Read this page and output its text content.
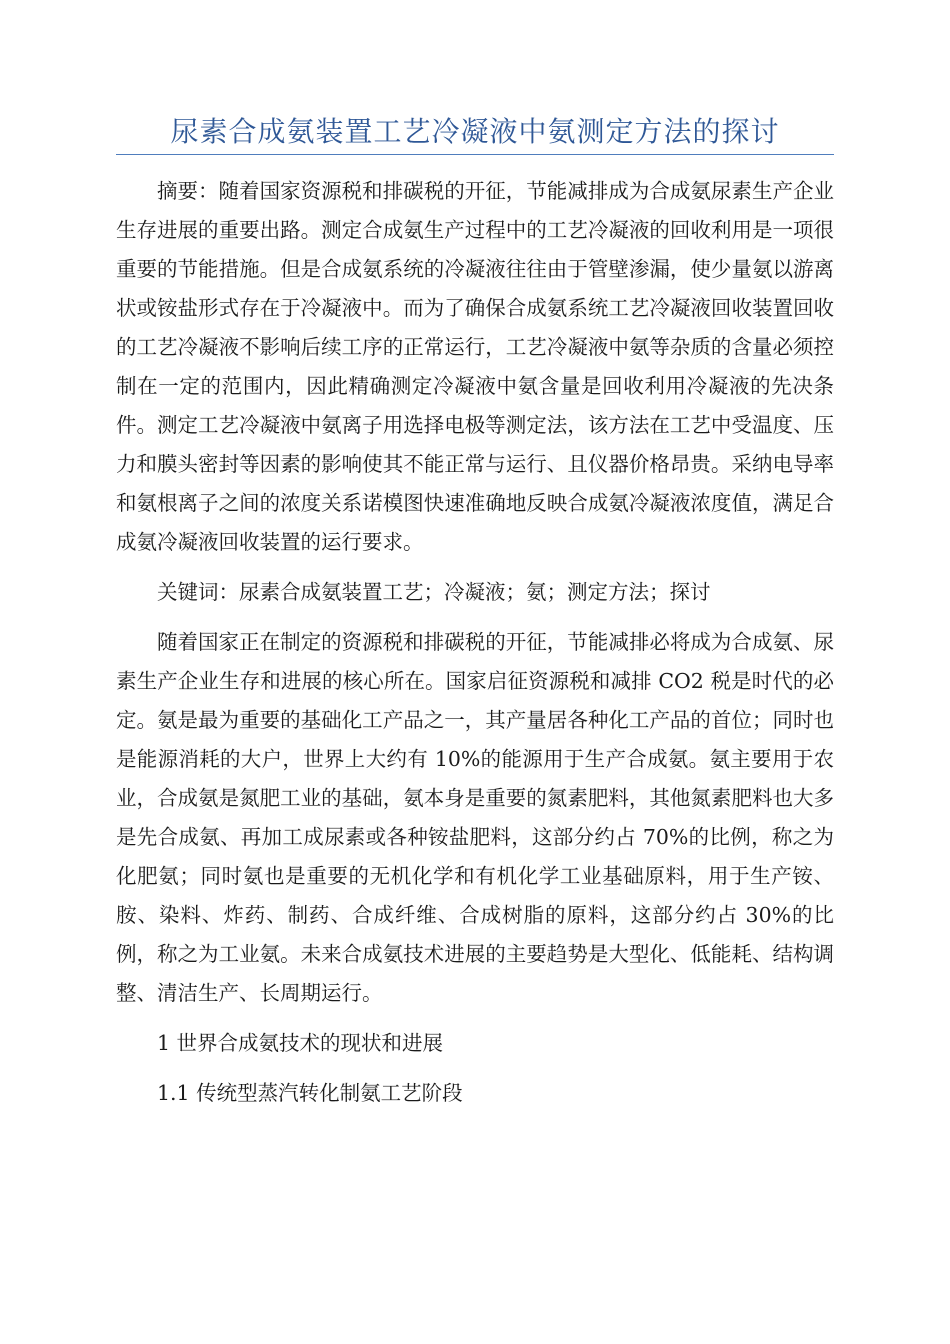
尿素合成氨装置工艺冷凝液中氨测定方法的探讨

摘要：随着国家资源税和排碳税的开征，节能减排成为合成氨尿素生产企业生存进展的重要出路。测定合成氨生产过程中的工艺冷凝液的回收利用是一项很重要的节能措施。但是合成氨系统的冷凝液往往由于管壁渗漏，使少量氨以游离状或铵盐形式存在于冷凝液中。而为了确保合成氨系统工艺冷凝液回收装置回收的工艺冷凝液不影响后续工序的正常运行，工艺冷凝液中氨等杂质的含量必须控制在一定的范围内，因此精确测定冷凝液中氨含量是回收利用冷凝液的先决条件。测定工艺冷凝液中氨离子用选择电极等测定法，该方法在工艺中受温度、压力和膜头密封等因素的影响使其不能正常与运行、且仪器价格昂贵。采纳电导率和氨根离子之间的浓度关系诺模图快速准确地反映合成氨冷凝液浓度值，满足合成氨冷凝液回收装置的运行要求。

关键词：尿素合成氨装置工艺；冷凝液；氨；测定方法；探讨

随着国家正在制定的资源税和排碳税的开征，节能减排必将成为合成氨、尿素生产企业生存和进展的核心所在。国家启征资源税和减排 CO2 税是时代的必定。氨是最为重要的基础化工产品之一，其产量居各种化工产品的首位；同时也是能源消耗的大户，世界上大约有 10%的能源用于生产合成氨。氨主要用于农业，合成氨是氮肥工业的基础，氨本身是重要的氮素肥料，其他氮素肥料也大多是先合成氨、再加工成尿素或各种铵盐肥料，这部分约占 70%的比例，称之为化肥氨；同时氨也是重要的无机化学和有机化学工业基础原料，用于生产铵、胺、染料、炸药、制药、合成纤维、合成树脂的原料，这部分约占 30%的比例，称之为工业氨。未来合成氨技术进展的主要趋势是大型化、低能耗、结构调整、清洁生产、长周期运行。

1 世界合成氨技术的现状和进展

1.1 传统型蒸汽转化制氨工艺阶段
